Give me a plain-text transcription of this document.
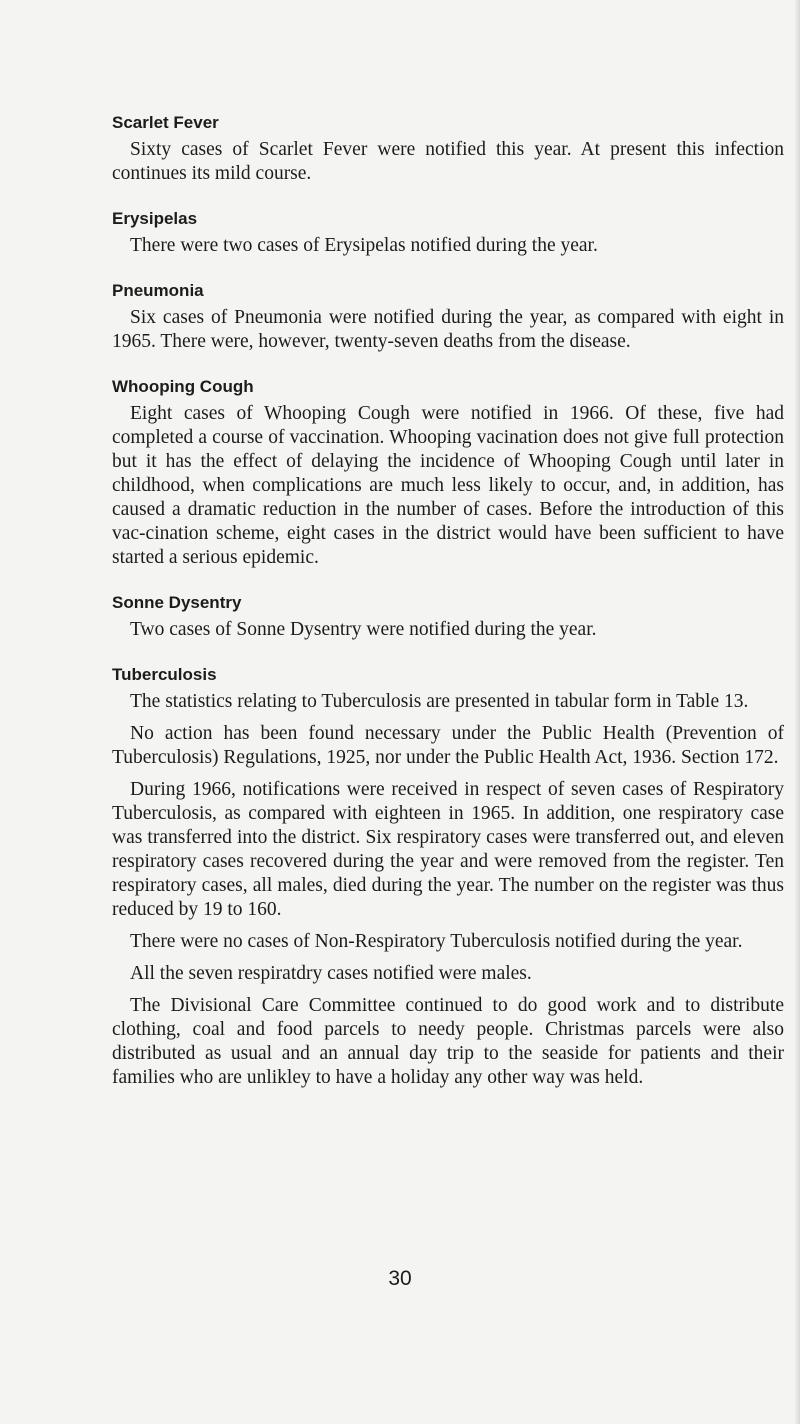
Scarlet Fever

Sixty cases of Scarlet Fever were notified this year. At present this infection continues its mild course.

Erysipelas

There were two cases of Erysipelas notified during the year.

Pneumonia

Six cases of Pneumonia were notified during the year, as compared with eight in 1965. There were, however, twenty-seven deaths from the disease.

Whooping Cough

Eight cases of Whooping Cough were notified in 1966. Of these, five had completed a course of vaccination. Whooping vacination does not give full protection but it has the effect of delaying the incidence of Whooping Cough until later in childhood, when complications are much less likely to occur, and, in addition, has caused a dramatic reduction in the number of cases. Before the introduction of this vac-cination scheme, eight cases in the district would have been sufficient to have started a serious epidemic.

Sonne Dysentry

Two cases of Sonne Dysentry were notified during the year.

Tuberculosis

The statistics relating to Tuberculosis are presented in tabular form in Table 13.

No action has been found necessary under the Public Health (Prevention of Tuberculosis) Regulations, 1925, nor under the Public Health Act, 1936. Section 172.

During 1966, notifications were received in respect of seven cases of Respiratory Tuberculosis, as compared with eighteen in 1965. In addition, one respiratory case was transferred into the district. Six respiratory cases were transferred out, and eleven respiratory cases recovered during the year and were removed from the register. Ten respiratory cases, all males, died during the year. The number on the register was thus reduced by 19 to 160.

There were no cases of Non-Respiratory Tuberculosis notified during the year.

All the seven respiratdry cases notified were males.

The Divisional Care Committee continued to do good work and to distribute clothing, coal and food parcels to needy people. Christmas parcels were also distributed as usual and an annual day trip to the seaside for patients and their families who are unlikley to have a holiday any other way was held.

30
